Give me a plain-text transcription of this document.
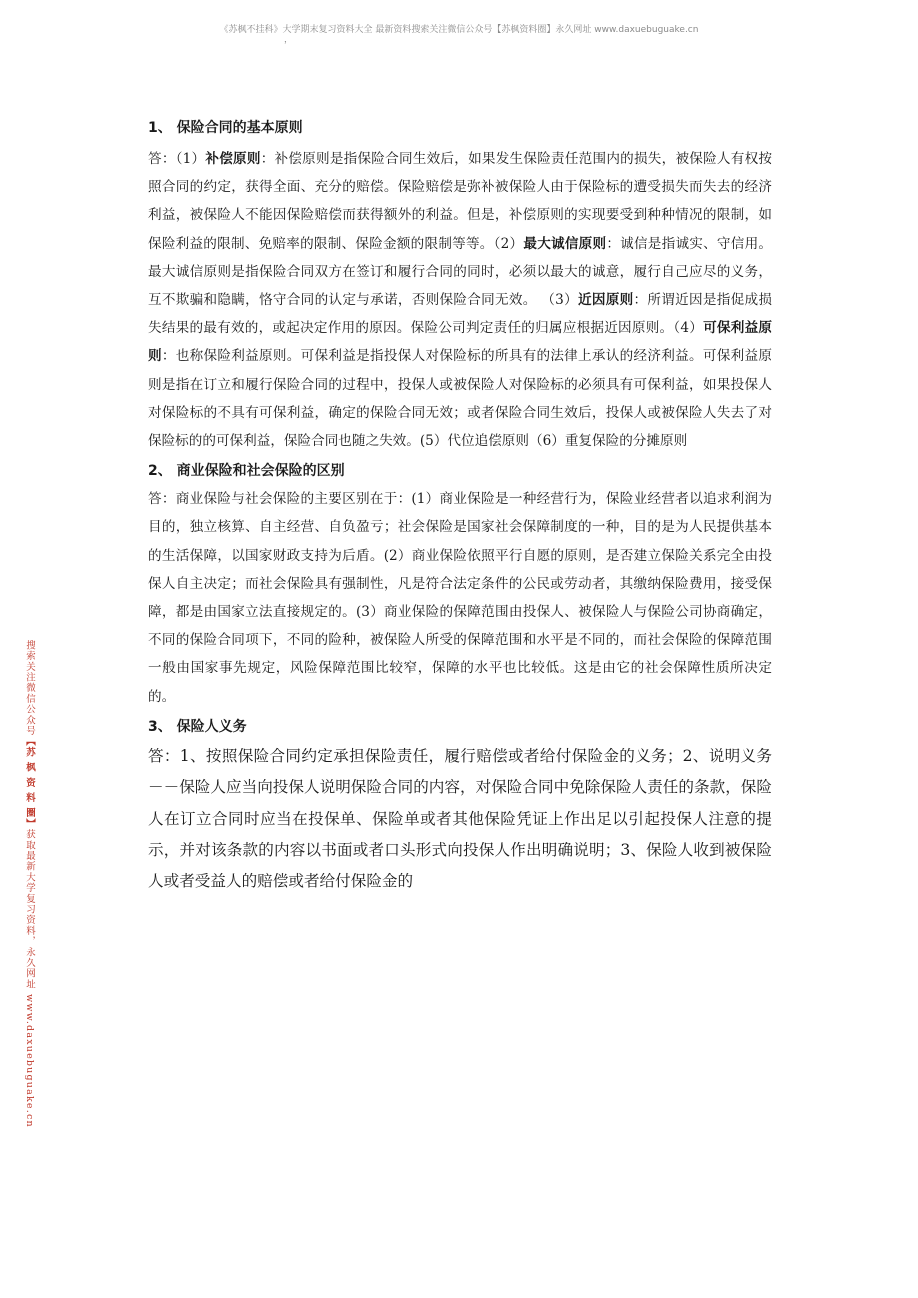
《苏枫不挂科》大学期末复习资料大全 最新资料搜索关注微信公众号【苏枫资料圈】永久网址 www.daxuebuguake.cn
，
搜索关注微信公众号【苏 枫 资 料 圈】获取最新大学复习资料，永久网址 www.daxuebuguake.cn
1、 保险合同的基本原则

答：（1）补偿原则：补偿原则是指保险合同生效后，如果发生保险责任范围内的损失，被保险人有权按照合同的约定，获得全面、充分的赔偿。保险赔偿是弥补被保险人由于保险标的遭受损失而失去的经济利益，被保险人不能因保险赔偿而获得额外的利益。但是，补偿原则的实现要受到种种情况的限制，如保险利益的限制、免赔率的限制、保险金额的限制等等。（2）最大诚信原则：诚信是指诚实、守信用。最大诚信原则是指保险合同双方在签订和履行合同的同时，必须以最大的诚意，履行自己应尽的义务，互不欺骗和隐瞒，恪守合同的认定与承诺，否则保险合同无效。 （3）近因原则：所谓近因是指促成损失结果的最有效的，或起决定作用的原因。保险公司判定责任的归属应根据近因原则。（4）可保利益原则：也称保险利益原则。可保利益是指投保人对保险标的所具有的法律上承认的经济利益。可保利益原则是指在订立和履行保险合同的过程中，投保人或被保险人对保险标的必须具有可保利益，如果投保人对保险标的不具有可保利益，确定的保险合同无效；或者保险合同生效后，投保人或被保险人失去了对保险标的的可保利益，保险合同也随之失效。(5）代位追偿原则（6）重复保险的分摊原则

2、 商业保险和社会保险的区别

答：商业保险与社会保险的主要区别在于：(1）商业保险是一种经营行为，保险业经营者以追求利润为目的，独立核算、自主经营、自负盈亏；社会保险是国家社会保障制度的一种，目的是为人民提供基本的生活保障，以国家财政支持为后盾。(2）商业保险依照平行自愿的原则，是否建立保险关系完全由投保人自主决定；而社会保险具有强制性，凡是符合法定条件的公民或劳动者，其缴纳保险费用，接受保障，都是由国家立法直接规定的。(3）商业保险的保障范围由投保人、被保险人与保险公司协商确定，不同的保险合同项下，不同的险种，被保险人所受的保障范围和水平是不同的，而社会保险的保障范围一般由国家事先规定，风险保障范围比较窄，保障的水平也比较低。这是由它的社会保障性质所决定的。

3、 保险人义务

答：1、按照保险合同约定承担保险责任，履行赔偿或者给付保险金的义务；2、说明义务－－保险人应当向投保人说明保险合同的内容，对保险合同中免除保险人责任的条款，保险人在订立合同时应当在投保单、保险单或者其他保险凭证上作出足以引起投保人注意的提示，并对该条款的内容以书面或者口头形式向投保人作出明确说明；3、保险人收到被保险人或者受益人的赔偿或者给付保险金的
